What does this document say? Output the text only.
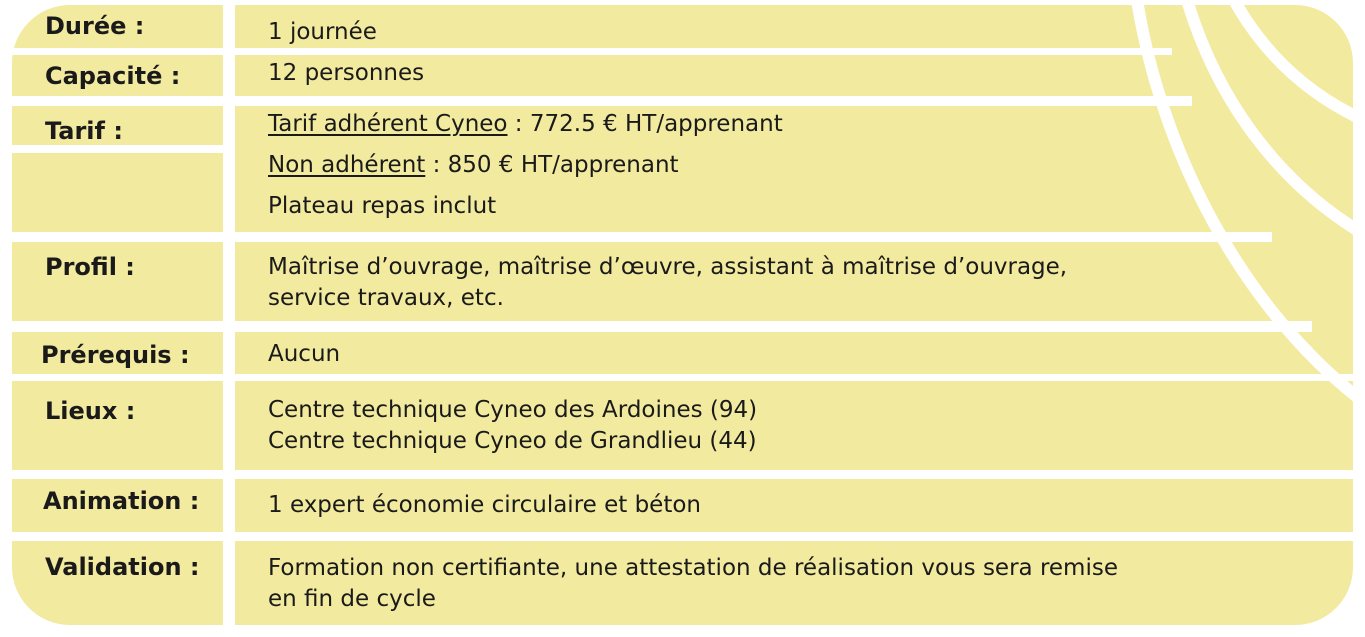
Durée :
Capacité :
Tarif :
Profil :
Prérequis :
Lieux :
Animation :
Validation :
1 journée
12 personnes
Tarif adhérent Cyneo : 772.5 € HT/apprenant
Non adhérent : 850 € HT/apprenant
Plateau repas inclut
Maîtrise d’ouvrage, maîtrise d’œuvre, assistant à maîtrise d’ouvrage,
service travaux, etc.
Aucun
Centre technique Cyneo des Ardoines (94)
Centre technique Cyneo de Grandlieu (44)
1 expert économie circulaire et béton
Formation non certifiante, une attestation de réalisation vous sera remise
en fin de cycle
